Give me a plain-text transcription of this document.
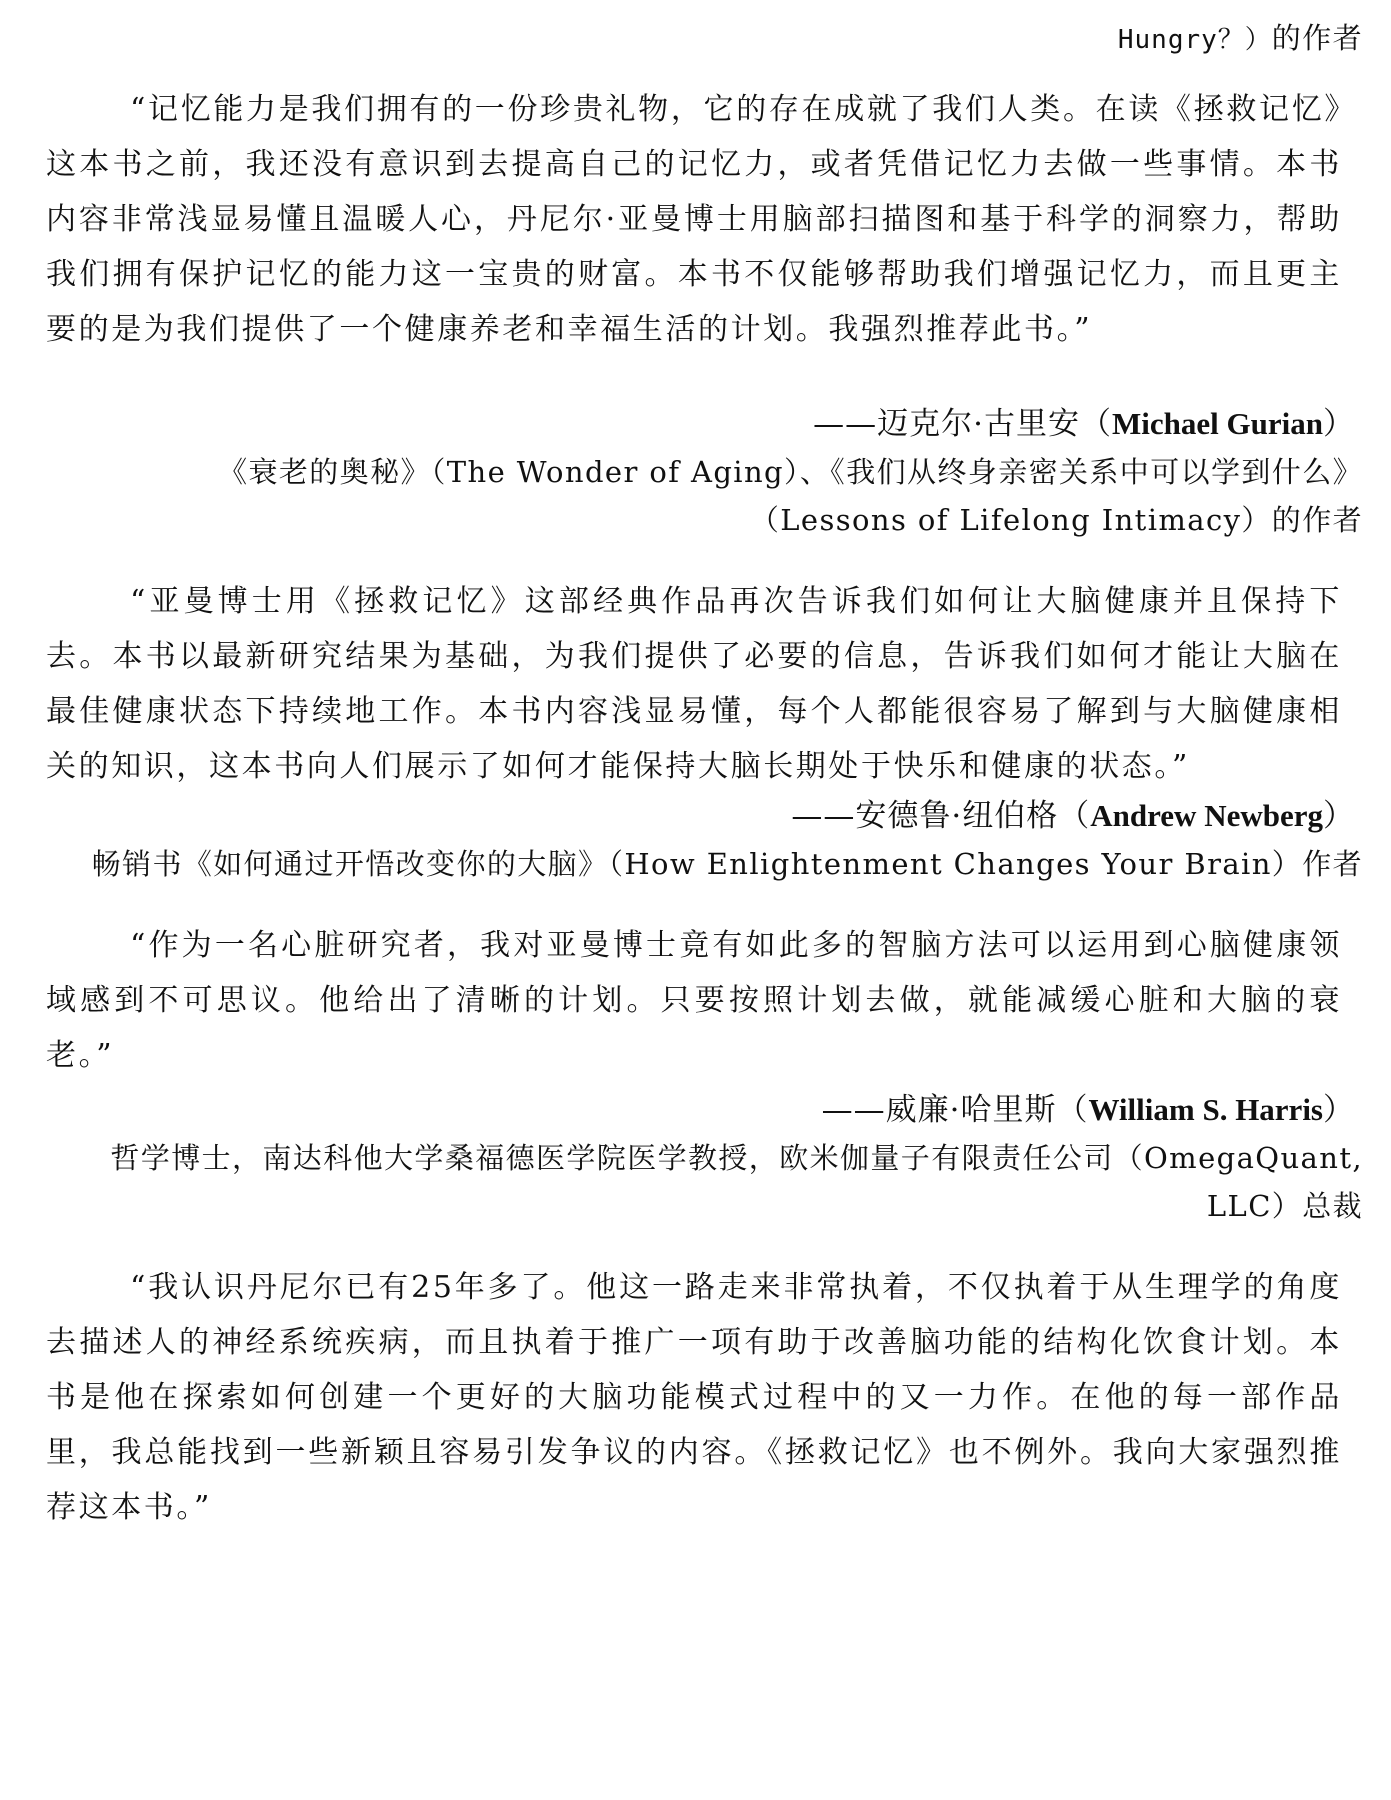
Hungry？）的作者

“记忆能力是我们拥有的一份珍贵礼物，它的存在成就了我们人类。在读《拯救记忆》这本书之前，我还没有意识到去提高自己的记忆力，或者凭借记忆力去做一些事情。本书内容非常浅显易懂且温暖人心，丹尼尔·亚曼博士用脑部扫描图和基于科学的洞察力，帮助我们拥有保护记忆的能力这一宝贵的财富。本书不仅能够帮助我们增强记忆力，而且更主要的是为我们提供了一个健康养老和幸福生活的计划。我强烈推荐此书。”

——迈克尔·古里安（Michael Gurian）
《衰老的奥秘》（The Wonder of Aging）、《我们从终身亲密关系中可以学到什么》
（Lessons of Lifelong Intimacy）的作者

“亚曼博士用《拯救记忆》这部经典作品再次告诉我们如何让大脑健康并且保持下去。本书以最新研究结果为基础，为我们提供了必要的信息，告诉我们如何才能让大脑在最佳健康状态下持续地工作。本书内容浅显易懂，每个人都能很容易了解到与大脑健康相关的知识，这本书向人们展示了如何才能保持大脑长期处于快乐和健康的状态。”

——安德鲁·纽伯格（Andrew Newberg）
畅销书《如何通过开悟改变你的大脑》（How Enlightenment Changes Your Brain）作者

“作为一名心脏研究者，我对亚曼博士竟有如此多的智脑方法可以运用到心脑健康领域感到不可思议。他给出了清晰的计划。只要按照计划去做，就能减缓心脏和大脑的衰老。”

——威廉·哈里斯（William S. Harris）
哲学博士，南达科他大学桑福德医学院医学教授，欧米伽量子有限责任公司（OmegaQuant,
LLC）总裁

“我认识丹尼尔已有25年多了。他这一路走来非常执着，不仅执着于从生理学的角度去描述人的神经系统疾病，而且执着于推广一项有助于改善脑功能的结构化饮食计划。本书是他在探索如何创建一个更好的大脑功能模式过程中的又一力作。在他的每一部作品里，我总能找到一些新颖且容易引发争议的内容。《拯救记忆》也不例外。我向大家强烈推荐这本书。”
